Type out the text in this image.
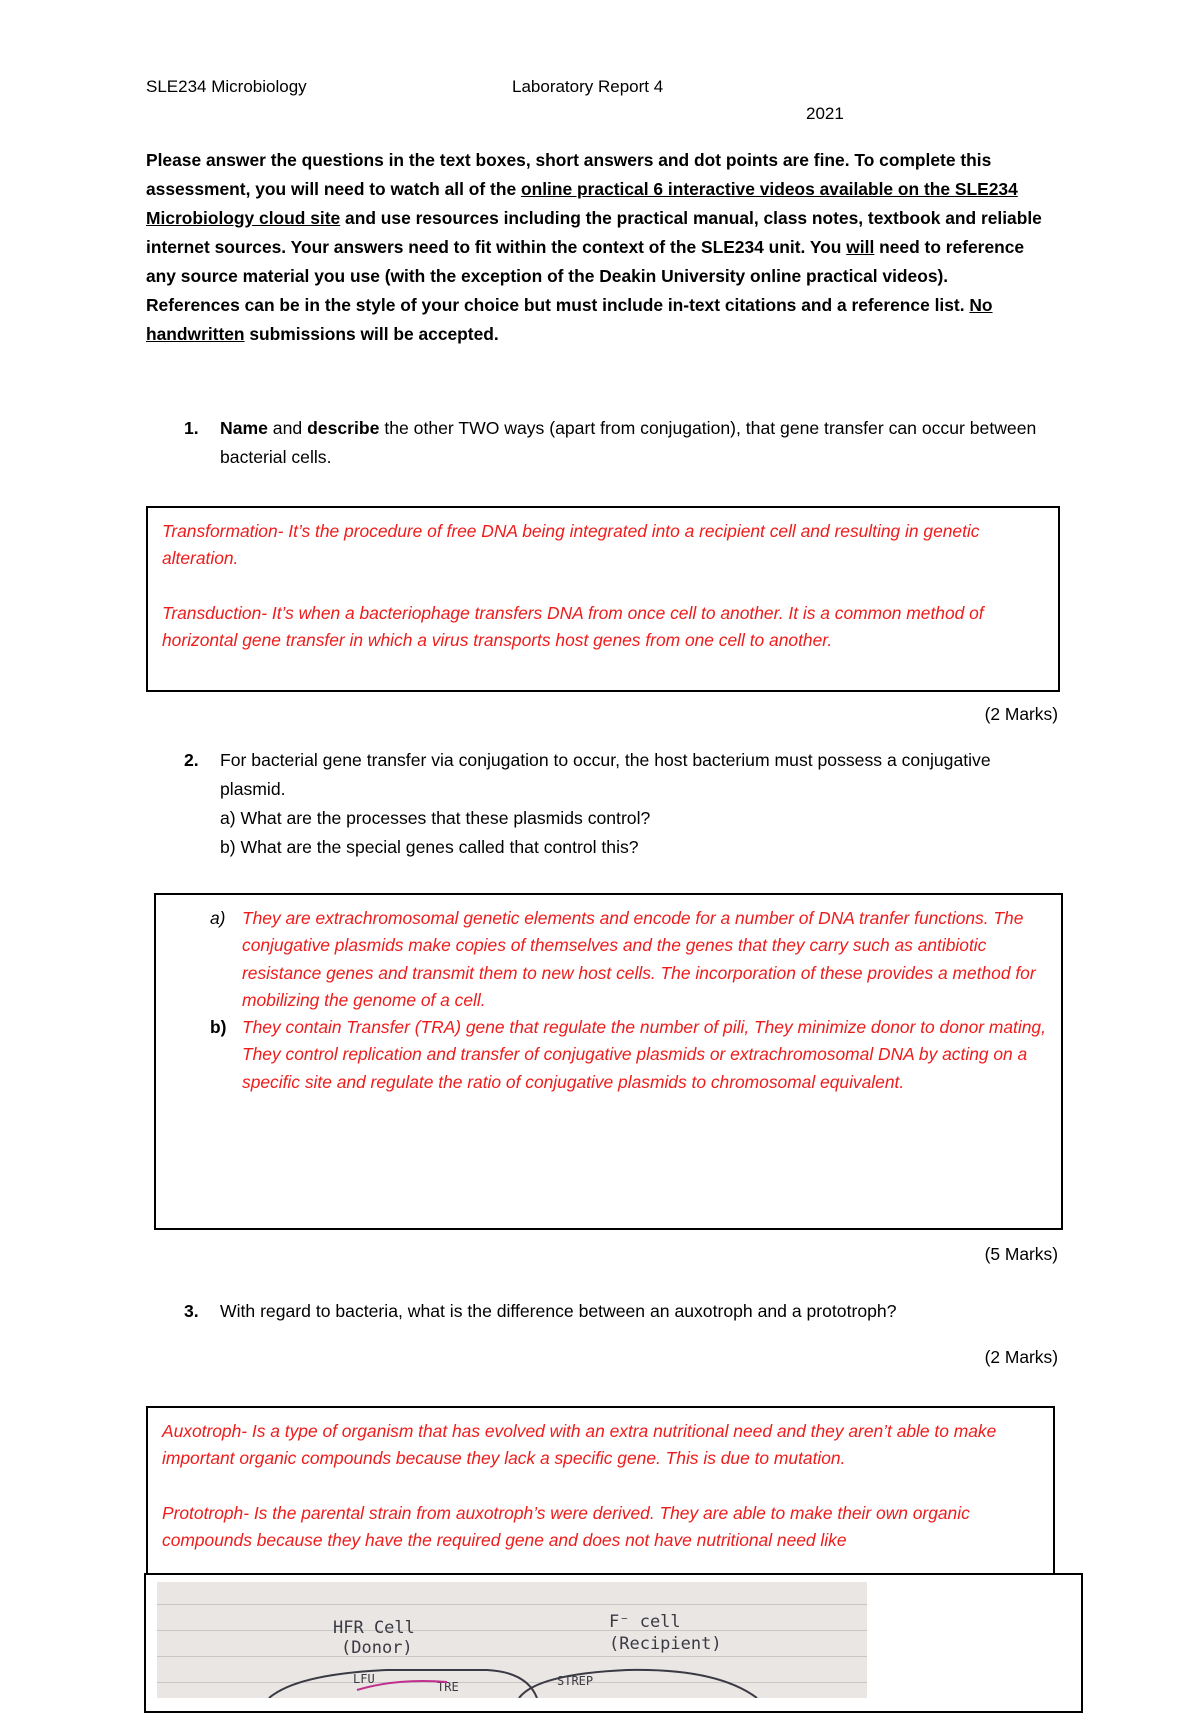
SLE234 Microbiology	Laboratory Report 4
2021
Please answer the questions in the text boxes, short answers and dot points are fine. To complete this assessment, you will need to watch all of the online practical 6 interactive videos available on the SLE234 Microbiology cloud site and use resources including the practical manual, class notes, textbook and reliable internet sources. Your answers need to fit within the context of the SLE234 unit. You will need to reference any source material you use (with the exception of the Deakin University online practical videos). References can be in the style of your choice but must include in-text citations and a reference list. No handwritten submissions will be accepted.
1. Name and describe the other TWO ways (apart from conjugation), that gene transfer can occur between bacterial cells.

Transformation- It’s the procedure of free DNA being integrated into a recipient cell and resulting in genetic alteration.

Transduction- It’s when a bacteriophage transfers DNA from once cell to another. It is a common method of horizontal gene transfer in which a virus transports host genes from one cell to another.

(2 Marks)
2. For bacterial gene transfer via conjugation to occur, the host bacterium must possess a conjugative plasmid.
a) What are the processes that these plasmids control?
b) What are the special genes called that control this?
a) They are extrachromosomal genetic elements and encode for a number of DNA tranfer functions. The conjugative plasmids make copies of themselves and the genes that they carry such as antibiotic resistance genes and transmit them to new host cells. The incorporation of these provides a method for mobilizing the genome of a cell.
b) They contain Transfer (TRA) gene that regulate the number of pili, They minimize donor to donor mating, They control replication and transfer of conjugative plasmids or extrachromosomal DNA by acting on a specific site and regulate the ratio of conjugative plasmids to chromosomal equivalent.
(5 Marks)
3. With regard to bacteria, what is the difference between an auxotroph and a prototroph?
(2 Marks)

Auxotroph- Is a type of organism that has evolved with an extra nutritional need and they aren’t able to make important organic compounds because they lack a specific gene. This is due to mutation.

Prototroph- Is the parental strain from auxotroph’s were derived. They are able to make their own organic compounds because they have the required gene and does not have nutritional need like

HFR Cell
(Donor)
F⁻ cell
(Recipient)
LFU
TRE	STREP
